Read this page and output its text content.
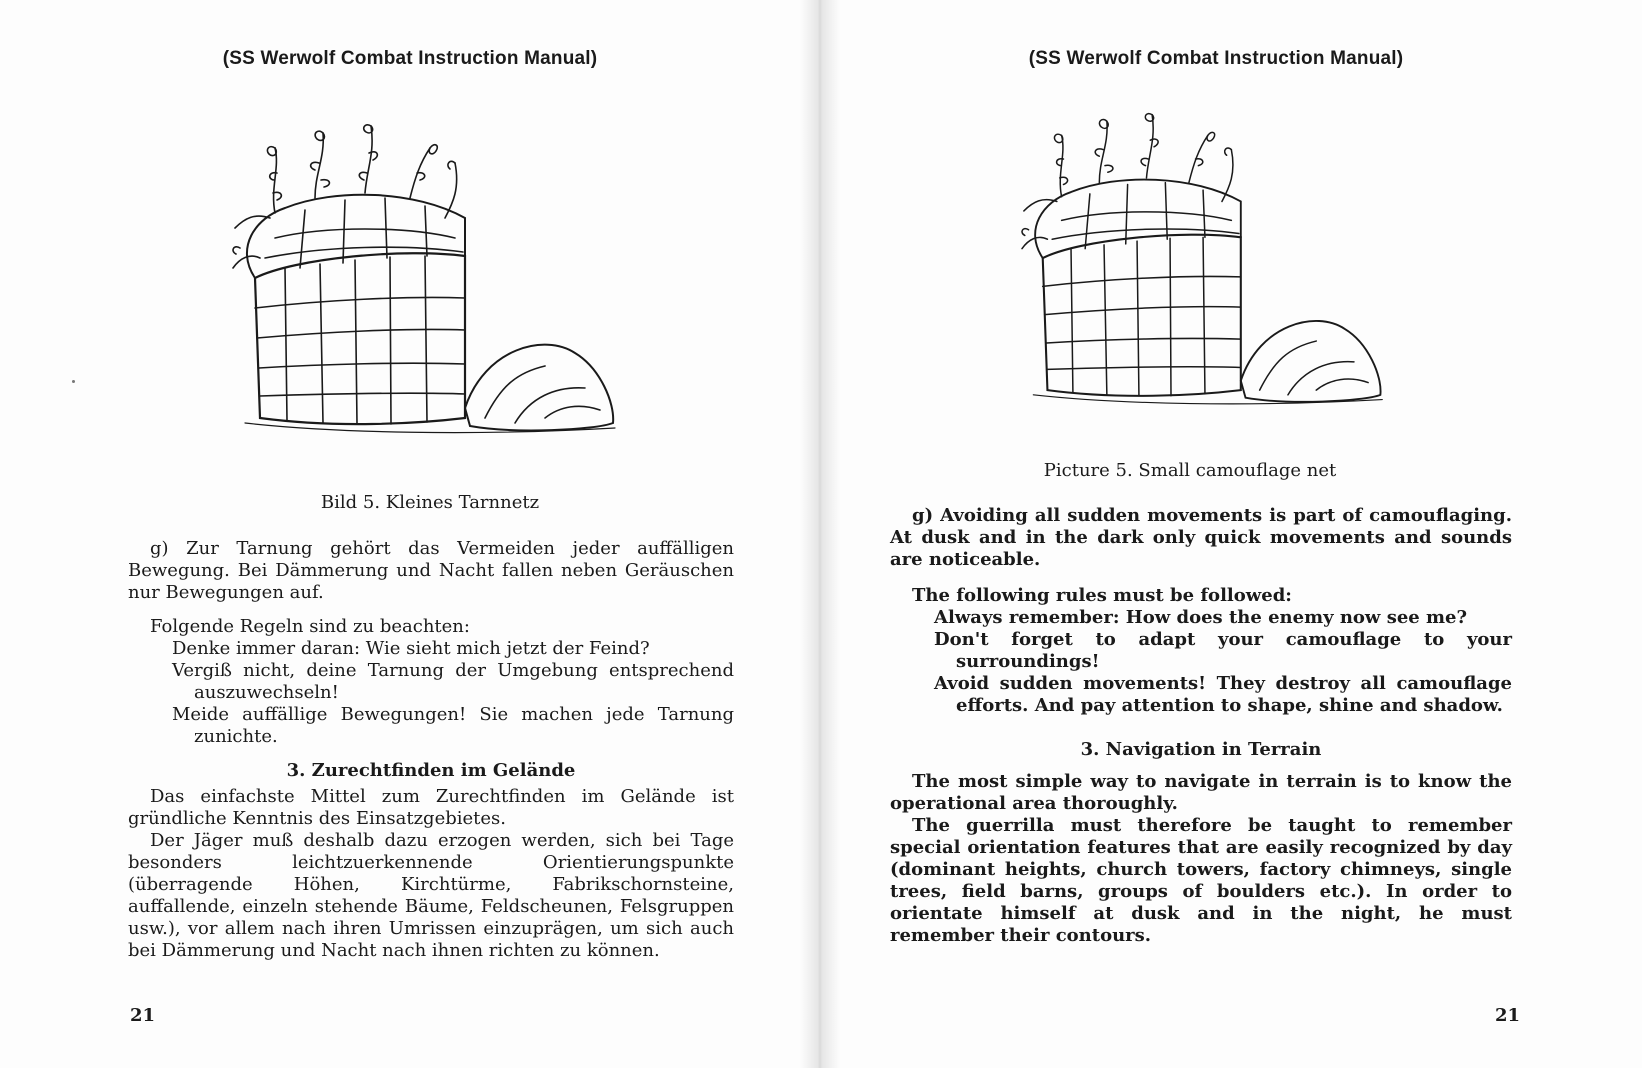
(SS Werwolf Combat Instruction Manual)
Bild 5. Kleines Tarnnetz

g) Zur Tarnung gehört das Vermeiden jeder auffälligen Bewegung. Bei Dämmerung und Nacht fallen neben Geräuschen nur Bewegungen auf.

Folgende Regeln sind zu beachten:

Denke immer daran: Wie sieht mich jetzt der Feind?
Vergiß nicht, deine Tarnung der Umgebung entsprechend auszuwechseln!
Meide auffällige Bewegungen! Sie machen jede Tarnung zunichte.

3. Zurechtfinden im Gelände

Das einfachste Mittel zum Zurechtfinden im Gelände ist gründliche Kenntnis des Einsatzgebietes.

Der Jäger muß deshalb dazu erzogen werden, sich bei Tage besonders leichtzuerkennende Orientierungspunkte (überragende Höhen, Kirchtürme, Fabrikschornsteine, auffallende, einzeln stehende Bäume, Feldscheunen, Felsgruppen usw.), vor allem nach ihren Umrissen einzuprägen, um sich auch bei Dämmerung und Nacht nach ihnen richten zu können.

21
(SS Werwolf Combat Instruction Manual)
Picture 5. Small camouflage net

g) Avoiding all sudden movements is part of camouflaging. At dusk and in the dark only quick movements and sounds are noticeable.

The following rules must be followed:

Always remember: How does the enemy now see me?
Don't forget to adapt your camouflage to your surroundings!
Avoid sudden movements! They destroy all camouflage efforts. And pay attention to shape, shine and shadow.

3. Navigation in Terrain

The most simple way to navigate in terrain is to know the operational area thoroughly.

The guerrilla must therefore be taught to remember special orientation features that are easily recognized by day (dominant heights, church towers, factory chimneys, single trees, field barns, groups of boulders etc.). In order to orientate himself at dusk and in the night, he must remember their contours.

21
